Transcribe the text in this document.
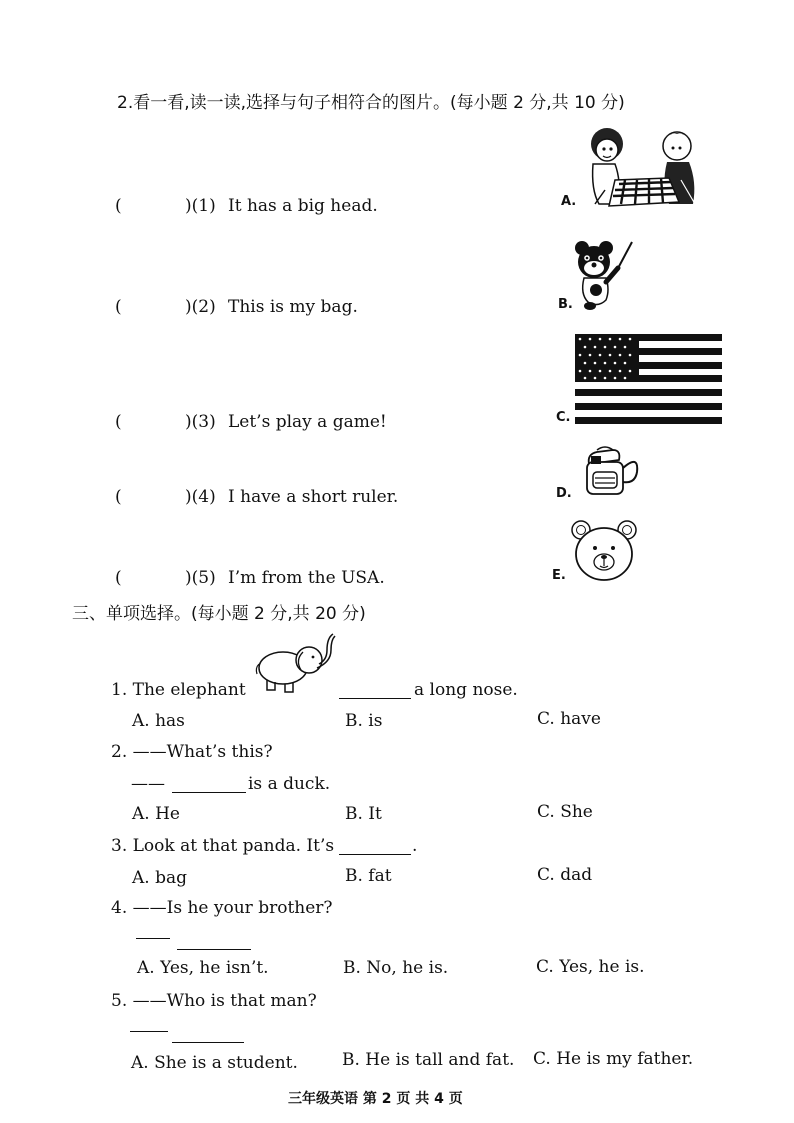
2.看一看,读一读,选择与句子相符合的图片。(每小题 2 分,共 10 分)
(	)(1) It has a big head.
(	)(2) This is my bag.
(	)(3) Let’s play a game!
(	)(4) I have a short ruler.
(	)(5) I’m from the USA.
A.
B.
C.
D.
E.
三、单项选择。(每小题 2 分,共 20 分)
1. The elephant	a long nose.
A. has	B. is	C. have
2. ——What’s this?
——	is a duck.
A. He	B. It	C. She
3. Look at that panda. It’s	.
A. bag	B. fat	C. dad
4. ——Is he your brother?
A. Yes, he isn’t.	B. No, he is.	C. Yes, he is.
5. ——Who is that man?
A. She is a student.	B. He is tall and fat. C. He is my father.
三年级英语 第 2 页 共 4 页
